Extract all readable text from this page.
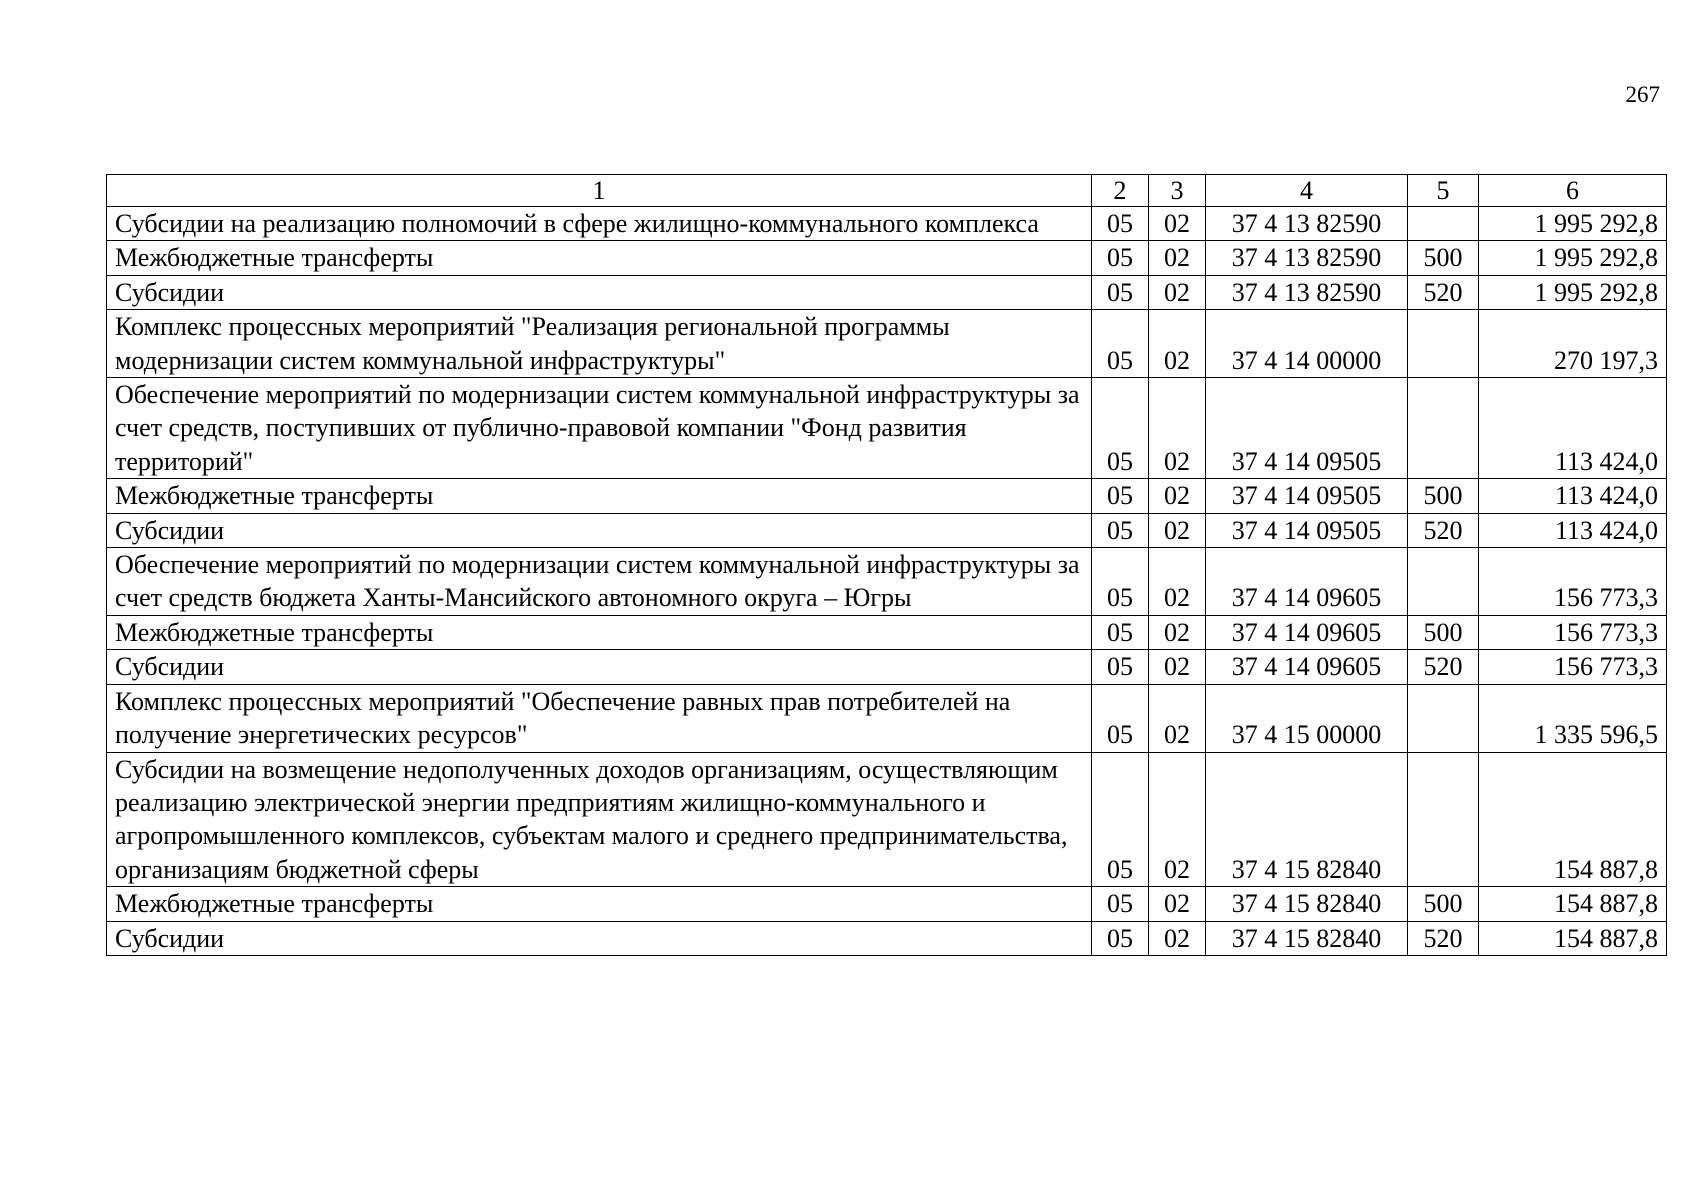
267
1	2	3	4	5	6
Субсидии на реализацию полномочий в сфере жилищно-коммунального комплекса	05	02	37 4 13 82590		1 995 292,8
Межбюджетные трансферты	05	02	37 4 13 82590	500	1 995 292,8
Субсидии	05	02	37 4 13 82590	520	1 995 292,8
Комплекс процессных мероприятий "Реализация региональной программы модернизации систем коммунальной инфраструктуры"	05	02	37 4 14 00000		270 197,3
Обеспечение мероприятий по модернизации систем коммунальной инфраструктуры за счет средств, поступивших от публично-правовой компании "Фонд развития территорий"	05	02	37 4 14 09505		113 424,0
Межбюджетные трансферты	05	02	37 4 14 09505	500	113 424,0
Субсидии	05	02	37 4 14 09505	520	113 424,0
Обеспечение мероприятий по модернизации систем коммунальной инфраструктуры за счет средств бюджета Ханты-Мансийского автономного округа – Югры	05	02	37 4 14 09605		156 773,3
Межбюджетные трансферты	05	02	37 4 14 09605	500	156 773,3
Субсидии	05	02	37 4 14 09605	520	156 773,3
Комплекс процессных мероприятий "Обеспечение равных прав потребителей на получение энергетических ресурсов"	05	02	37 4 15 00000		1 335 596,5
Субсидии на возмещение недополученных доходов организациям, осуществляющим реализацию электрической энергии предприятиям жилищно-коммунального и агропромышленного комплексов, субъектам малого и среднего предпринимательства, организациям бюджетной сферы	05	02	37 4 15 82840		154 887,8
Межбюджетные трансферты	05	02	37 4 15 82840	500	154 887,8
Субсидии	05	02	37 4 15 82840	520	154 887,8
